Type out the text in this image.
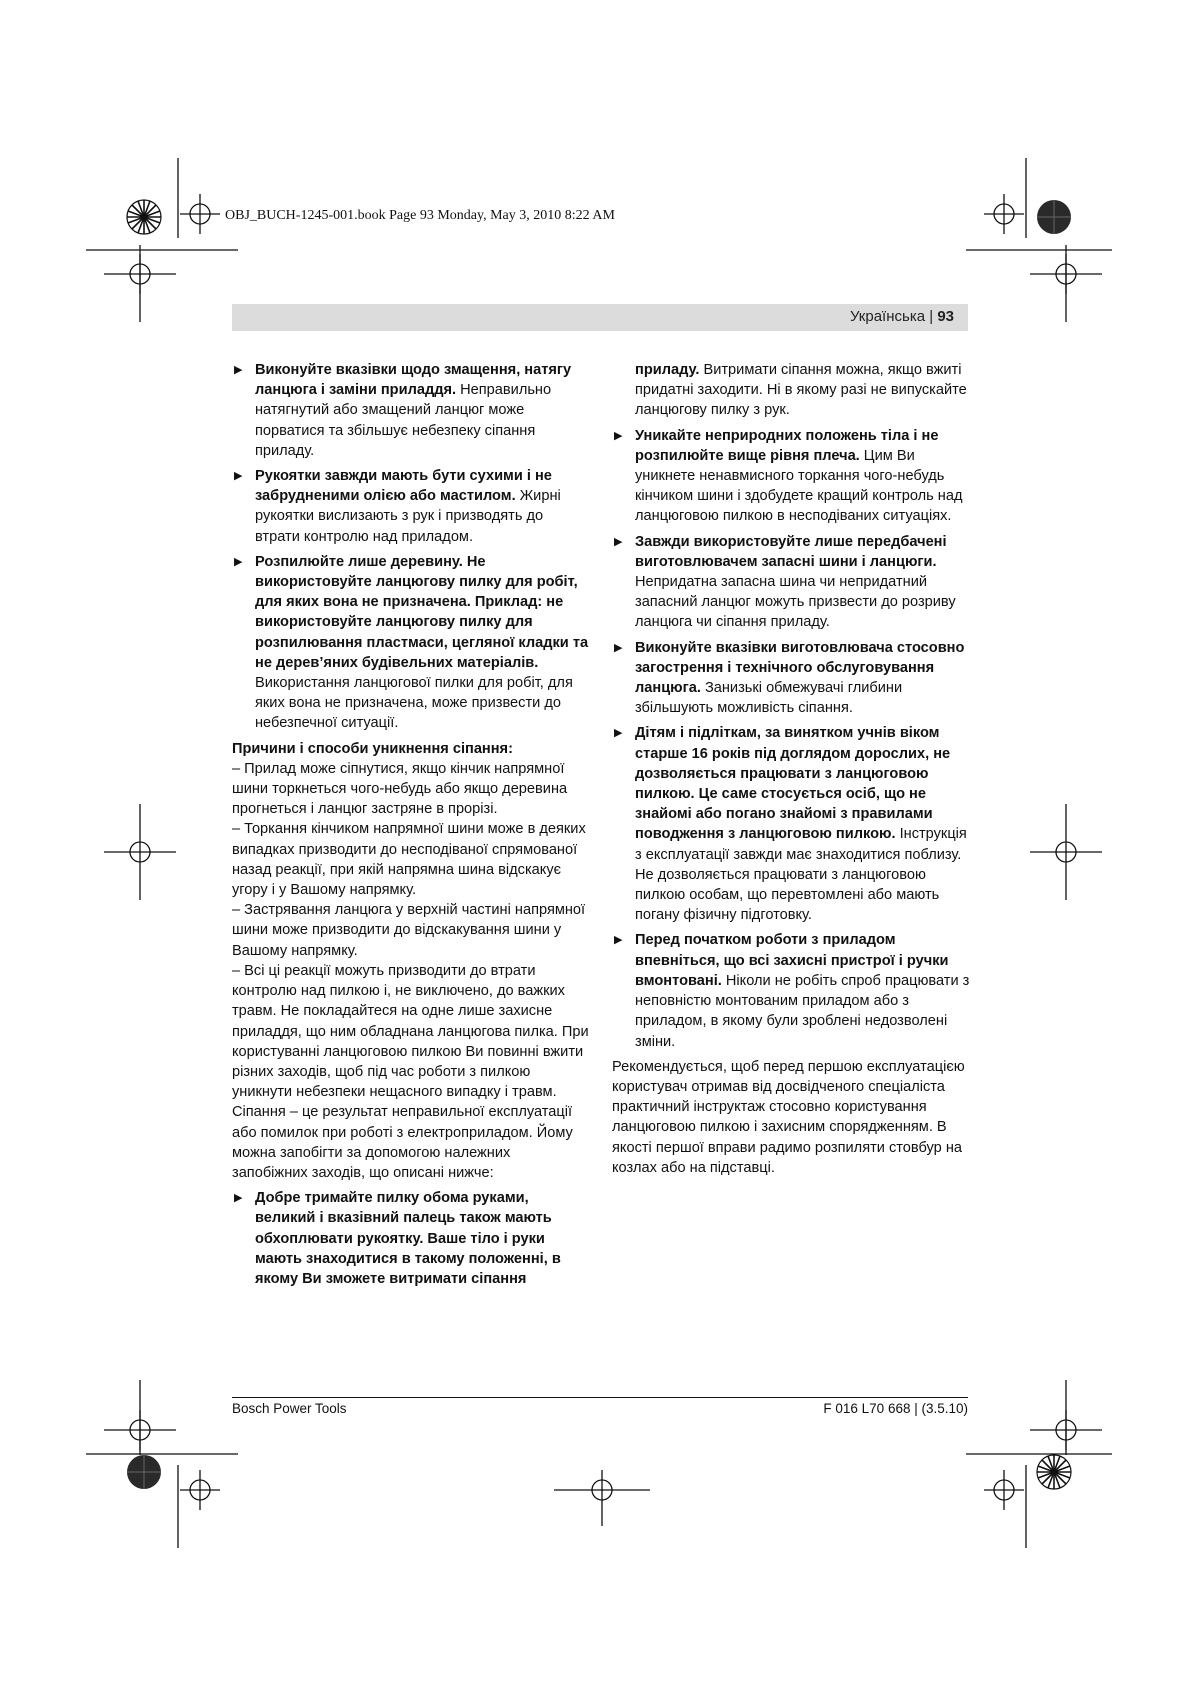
OBJ_BUCH-1245-001.book Page 93 Monday, May 3, 2010 8:22 AM
Українська | 93
▶ Виконуйте вказівки щодо змащення, натягу ланцюга і заміни приладдя. Неправильно натягнутий або змащений ланцюг може порватися та збільшує небезпеку сіпання приладу.
▶ Рукоятки завжди мають бути сухими і не забрудненими олією або мастилом. Жирні рукоятки вислизають з рук і призводять до втрати контролю над приладом.
▶ Розпилюйте лише деревину. Не використовуйте ланцюгову пилку для робіт, для яких вона не призначена. Приклад: не використовуйте ланцюгову пилку для розпилювання пластмаси, цегляної кладки та не дерев’яних будівельних матеріалів. Використання ланцюгової пилки для робіт, для яких вона не призначена, може призвести до небезпечної ситуації.
Причини і способи уникнення сіпання:

– Прилад може сіпнутися, якщо кінчик напрямної шини торкнеться чого-небудь або якщо деревина прогнеться і ланцюг застряне в прорізі.

– Торкання кінчиком напрямної шини може в деяких випадках призводити до несподіваної спрямованої назад реакції, при якій напрямна шина відскакує угору і у Вашому напрямку.

– Застрявання ланцюга у верхній частині напрямної шини може призводити до відскакування шини у Вашому напрямку.

– Всі ці реакції можуть призводити до втрати контролю над пилкою і, не виключено, до важких травм. Не покладайтеся на одне лише захисне приладдя, що ним обладнана ланцюгова пилка. При користуванні ланцюговою пилкою Ви повинні вжити різних заходів, щоб під час роботи з пилкою уникнути небезпеки нещасного випадку і травм. Сіпання – це результат неправильної експлуатації або помилок при роботі з електроприладом. Йому можна запобігти за допомогою належних запобіжних заходів, що описані нижче:

▶ Добре тримайте пилку обома руками, великий і вказівний палець також мають обхоплювати рукоятку. Ваше тіло і руки мають знаходитися в такому положенні, в якому Ви зможете витримати сіпання
приладу. Витримати сіпання можна, якщо вжиті придатні заходити. Ні в якому разі не випускайте ланцюгову пилку з рук.
▶ Уникайте неприродних положень тіла і не розпилюйте вище рівня плеча. Цим Ви уникнете ненавмисного торкання чого-небудь кінчиком шини і здобудете кращий контроль над ланцюговою пилкою в несподіваних ситуаціях.
▶ Завжди використовуйте лише передбачені виготовлювачем запасні шини і ланцюги. Непридатна запасна шина чи непридатний запасний ланцюг можуть призвести до розриву ланцюга чи сіпання приладу.
▶ Виконуйте вказівки виготовлювача стосовно загострення і технічного обслуговування ланцюга. Занизькі обмежувачі глибини збільшують можливість сіпання.
▶ Дітям і підліткам, за винятком учнів віком старше 16 років під доглядом дорослих, не дозволяється працювати з ланцюговою пилкою. Це саме стосується осіб, що не знайомі або погано знайомі з правилами поводження з ланцюговою пилкою. Інструкція з експлуатації завжди має знаходитися поблизу. Не дозволяється працювати з ланцюговою пилкою особам, що перевтомлені або мають погану фізичну підготовку.
▶ Перед початком роботи з приладом впевніться, що всі захисні пристрої і ручки вмонтовані. Ніколи не робіть спроб працювати з неповністю монтованим приладом або з приладом, в якому були зроблені недозволені зміни.

Рекомендується, щоб перед першою експлуатацією користувач отримав від досвідченого спеціаліста практичний інструктаж стосовно користування ланцюговою пилкою і захисним спорядженням. В якості першої вправи радимо розпиляти стовбур на козлах або на підставці.

Bosch Power Tools	F 016 L70 668 | (3.5.10)
